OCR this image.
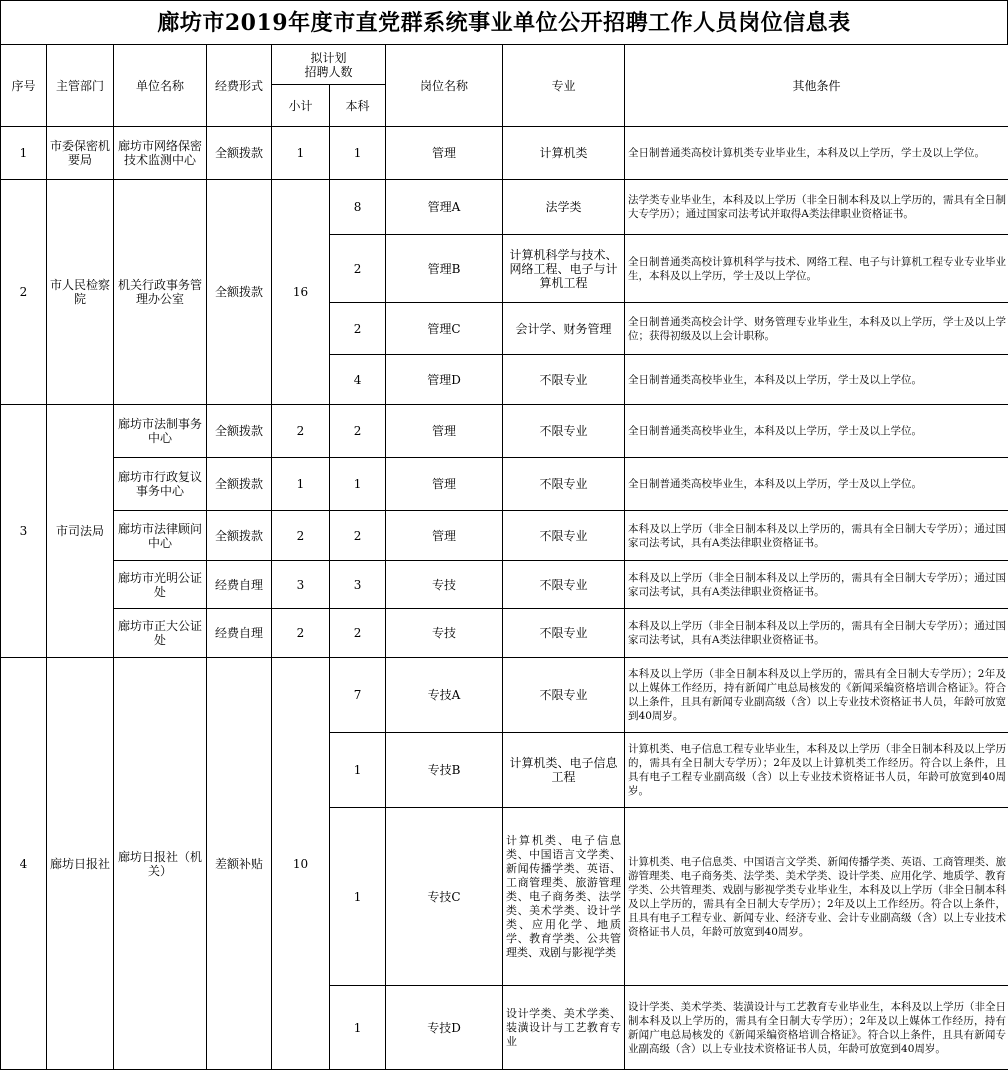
廊坊市2019年度市直党群系统事业单位公开招聘工作人员岗位信息表
序号	主管部门	单位名称	经费形式	拟计划
招聘人数		岗位名称	专业	其他条件
				小计	本科			
1	市委保密机要局	廊坊市网络保密技术监测中心	全额拨款	1	1	管理	计算机类	全日制普通类高校计算机类专业毕业生，本科及以上学历，学士及以上学位。
2	市人民检察院	机关行政事务管理办公室	全额拨款	16	8	管理A	法学类	法学类专业毕业生，本科及以上学历（非全日制本科及以上学历的，需具有全日制大专学历）；通过国家司法考试并取得A类法律职业资格证书。
					2	管理B	计算机科学与技术、网络工程、电子与计算机工程	全日制普通类高校计算机科学与技术、网络工程、电子与计算机工程专业专业毕业生，本科及以上学历，学士及以上学位。
					2	管理C	会计学、财务管理	全日制普通类高校会计学、财务管理专业毕业生，本科及以上学历，学士及以上学位；获得初级及以上会计职称。
					4	管理D	不限专业	全日制普通类高校毕业生，本科及以上学历，学士及以上学位。
3	市司法局	廊坊市法制事务中心	全额拨款	2	2	管理	不限专业	全日制普通类高校毕业生，本科及以上学历，学士及以上学位。
		廊坊市行政复议事务中心	全额拨款	1	1	管理	不限专业	全日制普通类高校毕业生，本科及以上学历，学士及以上学位。
		廊坊市法律顾问中心	全额拨款	2	2	管理	不限专业	本科及以上学历（非全日制本科及以上学历的，需具有全日制大专学历）；通过国家司法考试，具有A类法律职业资格证书。
		廊坊市光明公证处	经费自理	3	3	专技	不限专业	本科及以上学历（非全日制本科及以上学历的，需具有全日制大专学历）；通过国家司法考试，具有A类法律职业资格证书。
		廊坊市正大公证处	经费自理	2	2	专技	不限专业	本科及以上学历（非全日制本科及以上学历的，需具有全日制大专学历）；通过国家司法考试，具有A类法律职业资格证书。
4	廊坊日报社	廊坊日报社（机关）	差额补贴	10	7	专技A	不限专业	本科及以上学历（非全日制本科及以上学历的，需具有全日制大专学历）；2年及以上媒体工作经历，持有新闻广电总局核发的《新闻采编资格培训合格证》。符合以上条件，且具有新闻专业副高级（含）以上专业技术资格证书人员，年龄可放宽到40周岁。
					1	专技B	计算机类、电子信息工程	计算机类、电子信息工程专业毕业生，本科及以上学历（非全日制本科及以上学历的，需具有全日制大专学历）；2年及以上计算机类工作经历。符合以上条件，且具有电子工程专业副高级（含）以上专业技术资格证书人员，年龄可放宽到40周岁。
					1	专技C	计算机类、电子信息类、中国语言文学类、新闻传播学类、英语、工商管理类、旅游管理类、电子商务类、法学类、美术学类、设计学类、应用化学、地质学、教育学类、公共管理类、戏剧与影视学类	计算机类、电子信息类、中国语言文学类、新闻传播学类、英语、工商管理类、旅游管理类、电子商务类、法学类、美术学类、设计学类、应用化学、地质学、教育学类、公共管理类、戏剧与影视学类专业毕业生，本科及以上学历（非全日制本科及以上学历的，需具有全日制大专学历）；2年及以上工作经历。符合以上条件，且具有电子工程专业、新闻专业、经济专业、会计专业副高级（含）以上专业技术资格证书人员，年龄可放宽到40周岁。
					1	专技D	设计学类、美术学类、装潢设计与工艺教育专业	设计学类、美术学类、装潢设计与工艺教育专业毕业生，本科及以上学历（非全日制本科及以上学历的，需具有全日制大专学历）；2年及以上媒体工作经历，持有新闻广电总局核发的《新闻采编资格培训合格证》。符合以上条件，且具有新闻专业副高级（含）以上专业技术资格证书人员，年龄可放宽到40周岁。
